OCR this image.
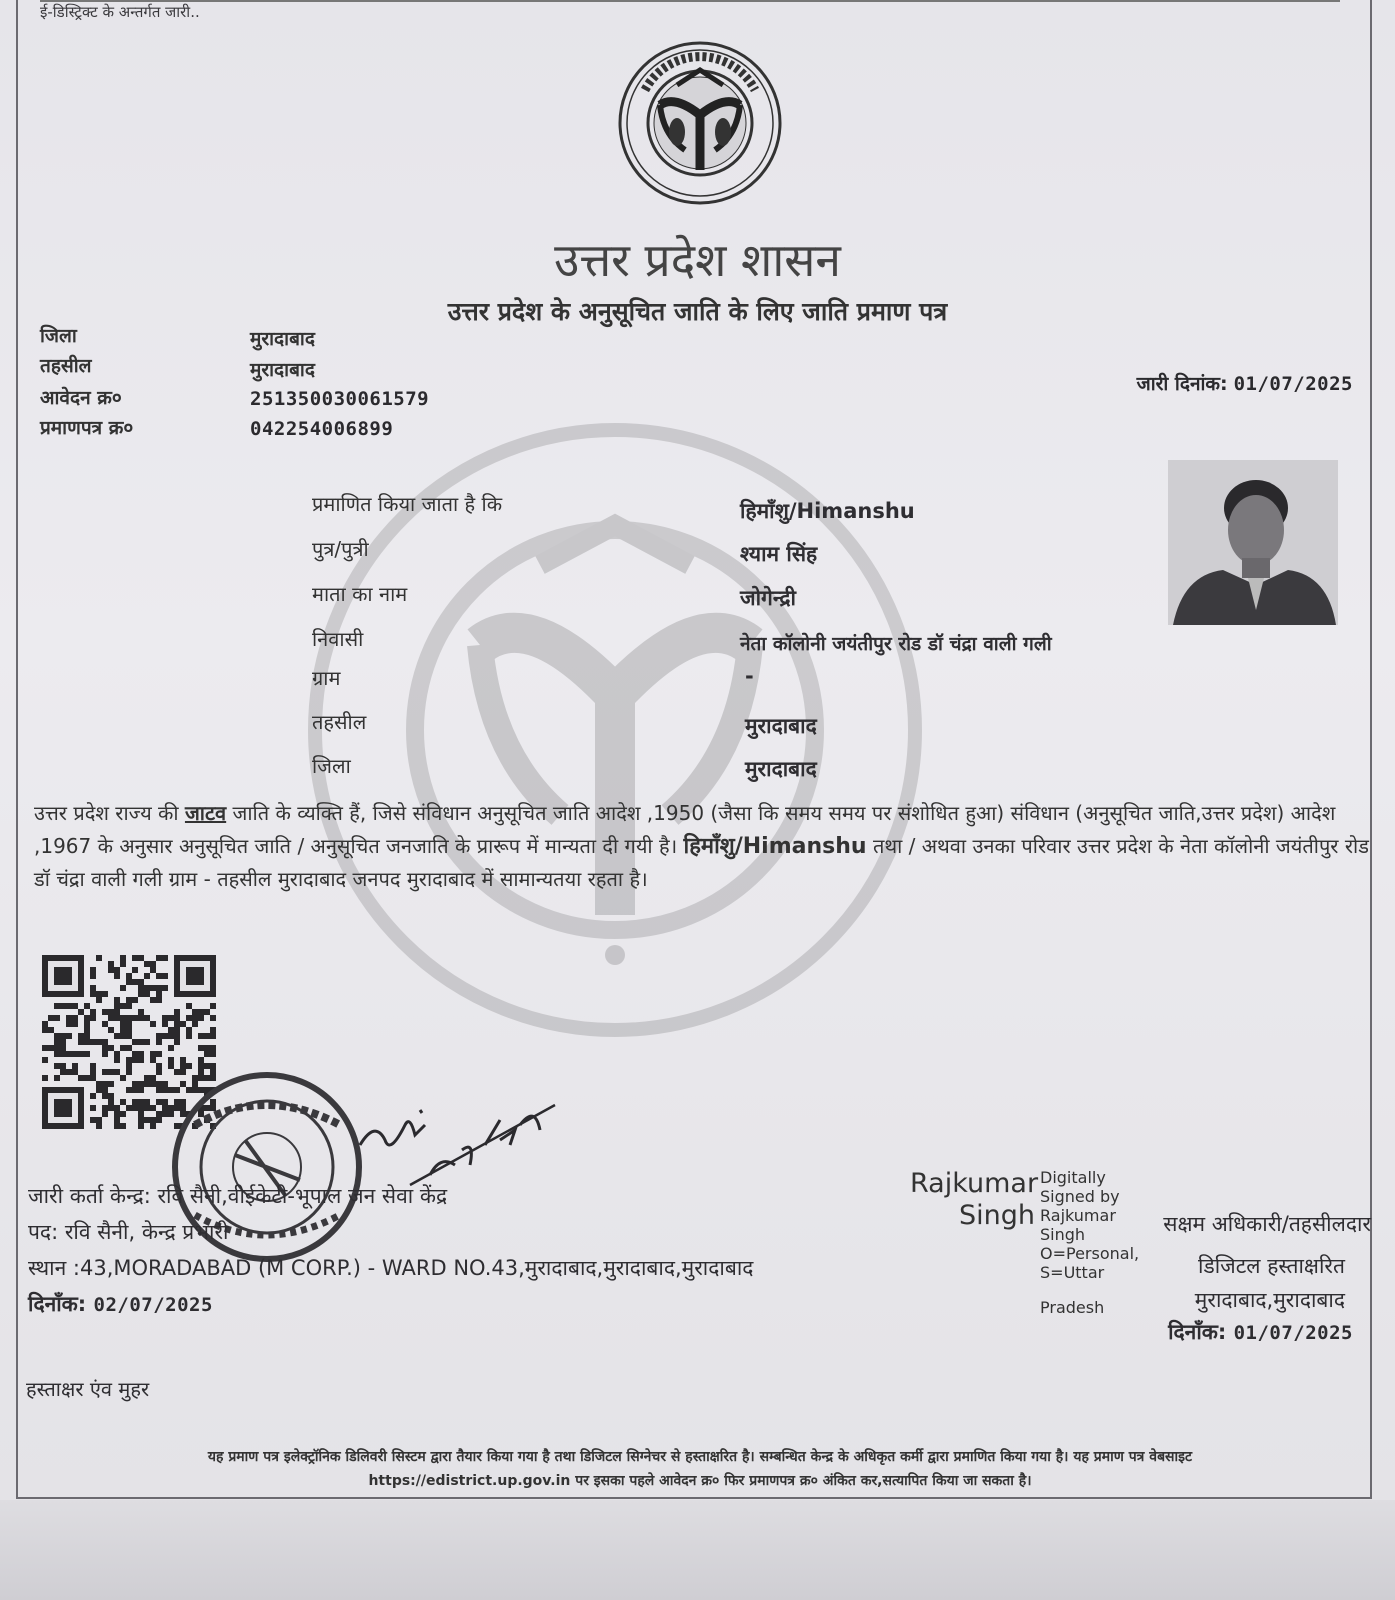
ई-डिस्ट्रिक्ट के अन्तर्गत जारी..
उत्तर प्रदेश शासन
उत्तर प्रदेश के अनुसूचित जाति के लिए जाति प्रमाण पत्र
जिला	मुरादाबाद
तहसील	मुरादाबाद
आवेदन क्र०	251350030061579
प्रमाणपत्र क्र०	042254006899
जारी दिनांक: 01/07/2025
प्रमाणित किया जाता है कि	हिमाँशु/Himanshu
पुत्र/पुत्री	श्याम सिंह
माता का नाम	जोगेन्द्री
निवासी	नेता कॉलोनी जयंतीपुर रोड डॉ चंद्रा वाली गली
ग्राम	-
तहसील	मुरादाबाद
जिला	मुरादाबाद
उत्तर प्रदेश राज्य की जाटव जाति के व्यक्ति हैं, जिसे संविधान अनुसूचित जाति आदेश ,1950 (जैसा कि समय समय पर संशोधित हुआ) संविधान (अनुसूचित जाति,उत्तर प्रदेश) आदेश ,1967 के अनुसार अनुसूचित जाति / अनुसूचित जनजाति के प्रारूप में मान्यता दी गयी है। हिमाँशु/Himanshu तथा / अथवा उनका परिवार उत्तर प्रदेश के नेता कॉलोनी जयंतीपुर रोड डॉ चंद्रा वाली गली ग्राम - तहसील मुरादाबाद जनपद मुरादाबाद में सामान्यतया रहता है।
जारी कर्ता केन्द्र: रवि सैनी,वीईकेटी-भूपाल जन सेवा केंद्र
पद: रवि सैनी, केन्द्र प्रभारी
स्थान :43,MORADABAD (M CORP.) - WARD NO.43,मुरादाबाद,मुरादाबाद,मुरादाबाद
दिनाँक: 02/07/2025
हस्ताक्षर एंव मुहर
Rajkumar
Singh
Digitally
Signed by
Rajkumar
Singh
O=Personal,
S=Uttar
Pradesh
सक्षम अधिकारी/तहसीलदार
डिजिटल हस्ताक्षरित
मुरादाबाद,मुरादाबाद
दिनाँक: 01/07/2025
यह प्रमाण पत्र इलेक्ट्रॉनिक डिलिवरी सिस्टम द्वारा तैयार किया गया है तथा डिजिटल सिग्नेचर से हस्ताक्षरित है। सम्बन्धित केन्द्र के अधिकृत कर्मी द्वारा प्रमाणित किया गया है। यह प्रमाण पत्र वेबसाइट
https://edistrict.up.gov.in पर इसका पहले आवेदन क्र० फिर प्रमाणपत्र क्र० अंकित कर,सत्यापित किया जा सकता है।
